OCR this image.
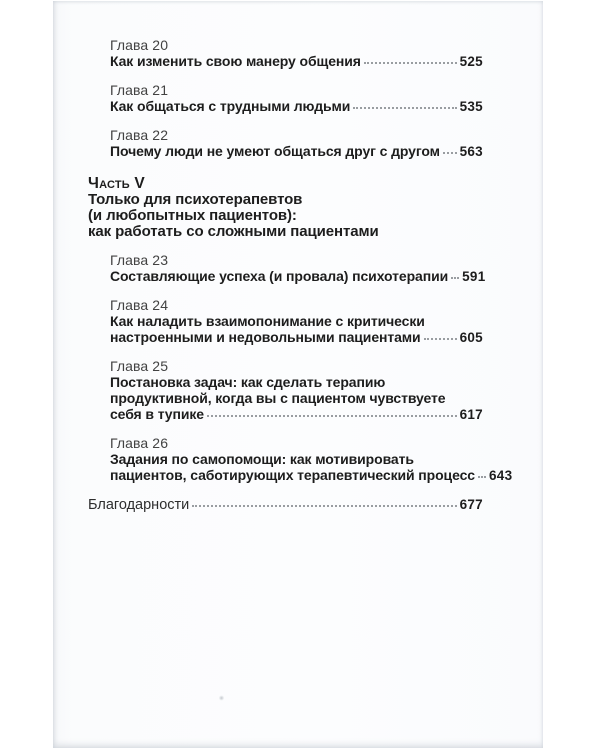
Глава 20
Как изменить свою манеру общения	525
Глава 21
Как общаться с трудными людьми	535
Глава 22
Почему люди не умеют общаться друг с другом 563
Часть V
Только для психотерапевтов
(и любопытных пациентов):
как работать со сложными пациентами
Глава 23
Составляющие успеха (и провала) психотерапии 591
Глава 24
Как наладить взаимопонимание с критически
настроенными и недовольными пациентами	605
Глава 25
Постановка задач: как сделать терапию
продуктивной, когда вы с пациентом чувствуете
себя в тупике	617
Глава 26
Задания по самопомощи: как мотивировать
пациентов, саботирующих терапевтический процесс 643
Благодарности	677
